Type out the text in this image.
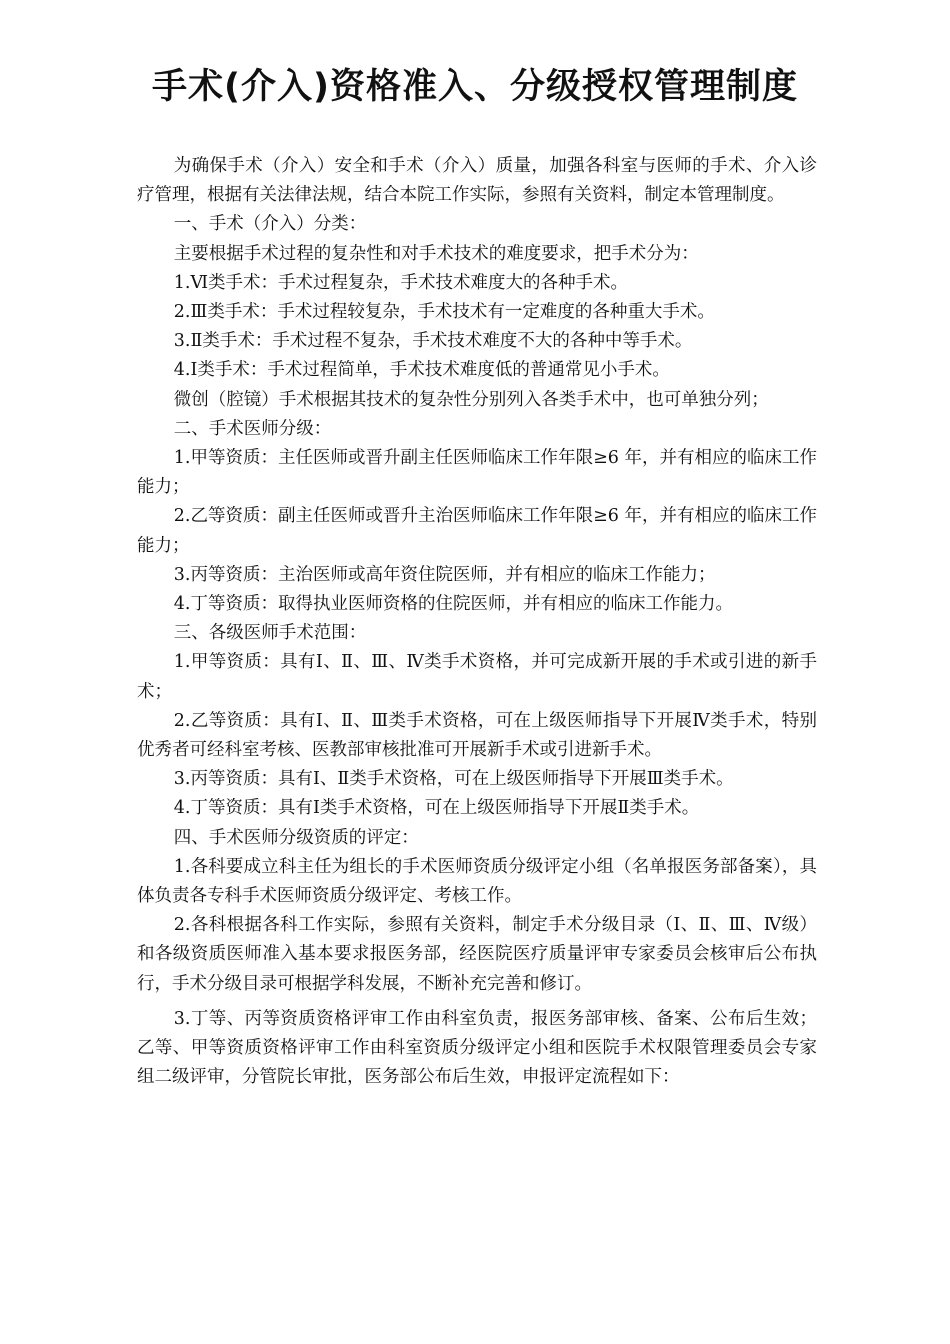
手术(介入)资格准入、分级授权管理制度

为确保手术（介入）安全和手术（介入）质量，加强各科室与医师的手术、介入诊疗管理，根据有关法律法规，结合本院工作实际，参照有关资料，制定本管理制度。

一、手术（介入）分类：

主要根据手术过程的复杂性和对手术技术的难度要求，把手术分为：

1.Ⅵ类手术：手术过程复杂，手术技术难度大的各种手术。

2.Ⅲ类手术：手术过程较复杂，手术技术有一定难度的各种重大手术。

3.Ⅱ类手术：手术过程不复杂，手术技术难度不大的各种中等手术。

4.Ⅰ类手术：手术过程简单，手术技术难度低的普通常见小手术。

微创（腔镜）手术根据其技术的复杂性分别列入各类手术中，也可单独分列；

二、手术医师分级：

1.甲等资质：主任医师或晋升副主任医师临床工作年限≥6 年，并有相应的临床工作能力；

2.乙等资质：副主任医师或晋升主治医师临床工作年限≥6 年，并有相应的临床工作能力；

3.丙等资质：主治医师或高年资住院医师，并有相应的临床工作能力；

4.丁等资质：取得执业医师资格的住院医师，并有相应的临床工作能力。

三、各级医师手术范围：

1.甲等资质：具有Ⅰ、Ⅱ、Ⅲ、Ⅳ类手术资格，并可完成新开展的手术或引进的新手术；

2.乙等资质：具有Ⅰ、Ⅱ、Ⅲ类手术资格，可在上级医师指导下开展Ⅳ类手术，特别优秀者可经科室考核、医教部审核批准可开展新手术或引进新手术。

3.丙等资质：具有Ⅰ、Ⅱ类手术资格，可在上级医师指导下开展Ⅲ类手术。

4.丁等资质：具有Ⅰ类手术资格，可在上级医师指导下开展Ⅱ类手术。

四、手术医师分级资质的评定：

1.各科要成立科主任为组长的手术医师资质分级评定小组（名单报医务部备案），具体负责各专科手术医师资质分级评定、考核工作。

2.各科根据各科工作实际，参照有关资料，制定手术分级目录（Ⅰ、Ⅱ、Ⅲ、Ⅳ级）和各级资质医师准入基本要求报医务部，经医院医疗质量评审专家委员会核审后公布执行，手术分级目录可根据学科发展，不断补充完善和修订。

3.丁等、丙等资质资格评审工作由科室负责，报医务部审核、备案、公布后生效；乙等、甲等资质资格评审工作由科室资质分级评定小组和医院手术权限管理委员会专家组二级评审，分管院长审批，医务部公布后生效，申报评定流程如下：
